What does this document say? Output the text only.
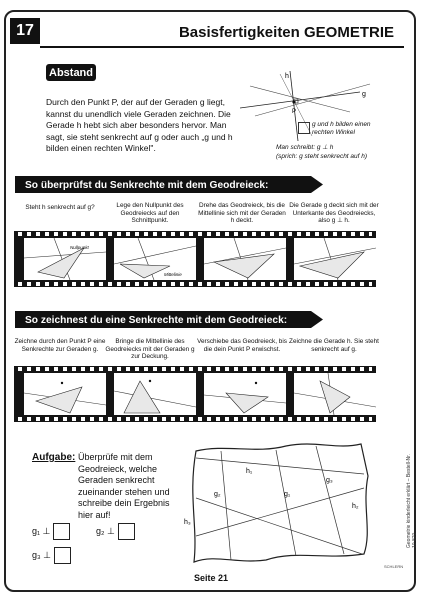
17	Basisfertigkeiten GEOMETRIE
Abstand
Durch den Punkt P, der auf der Geraden g liegt, kannst du unendlich viele Geraden zeichnen. Die Gerade h hebt sich aber besonders hervor. Man sagt, sie steht senkrecht auf g oder auch „g und h bilden einen rechten Winkel".
h
g
P
g und h bilden einen rechten Winkel
Man schreibt: g ⊥ h
(sprich: g steht senkrecht auf h)
So überprüfst du Senkrechte mit dem Geodreieck:
Steht h senkrecht auf g?	Lege den Nullpunkt des Geodreiecks auf den Schnittpunkt.
Drehe das Geodreieck, bis die Mittellinie sich mit der Geraden h deckt.
Die Gerade g deckt sich mit der Unterkante des Geodreiecks, also g ⊥ h.
Nullpunkt
Mittelinie
So zeichnest du eine Senkrechte mit dem Geodreieck:
Zeichne durch den Punkt P eine Senkrechte zur Geraden g.
Bringe die Mittellinie des Geodreiecks mit der Geraden g zur Deckung.
Verschiebe das Geodreieck, bis die dein Punkt P erwischst.
Zeichne die Gerade h. Sie steht senkrecht auf g.
Aufgabe: Überprüfe mit dem Geodreieck, welche Geraden senkrecht zueinander stehen und schreibe dein Ergebnis hier auf!
h₁
g₂	g₁
g₃
h₂
h₃
g₁ ⊥	g₂ ⊥
g₃ ⊥
Geometrie kinderleicht erklärt – Bestell-Nr. 10 870
SCHLERN
Seite 21
